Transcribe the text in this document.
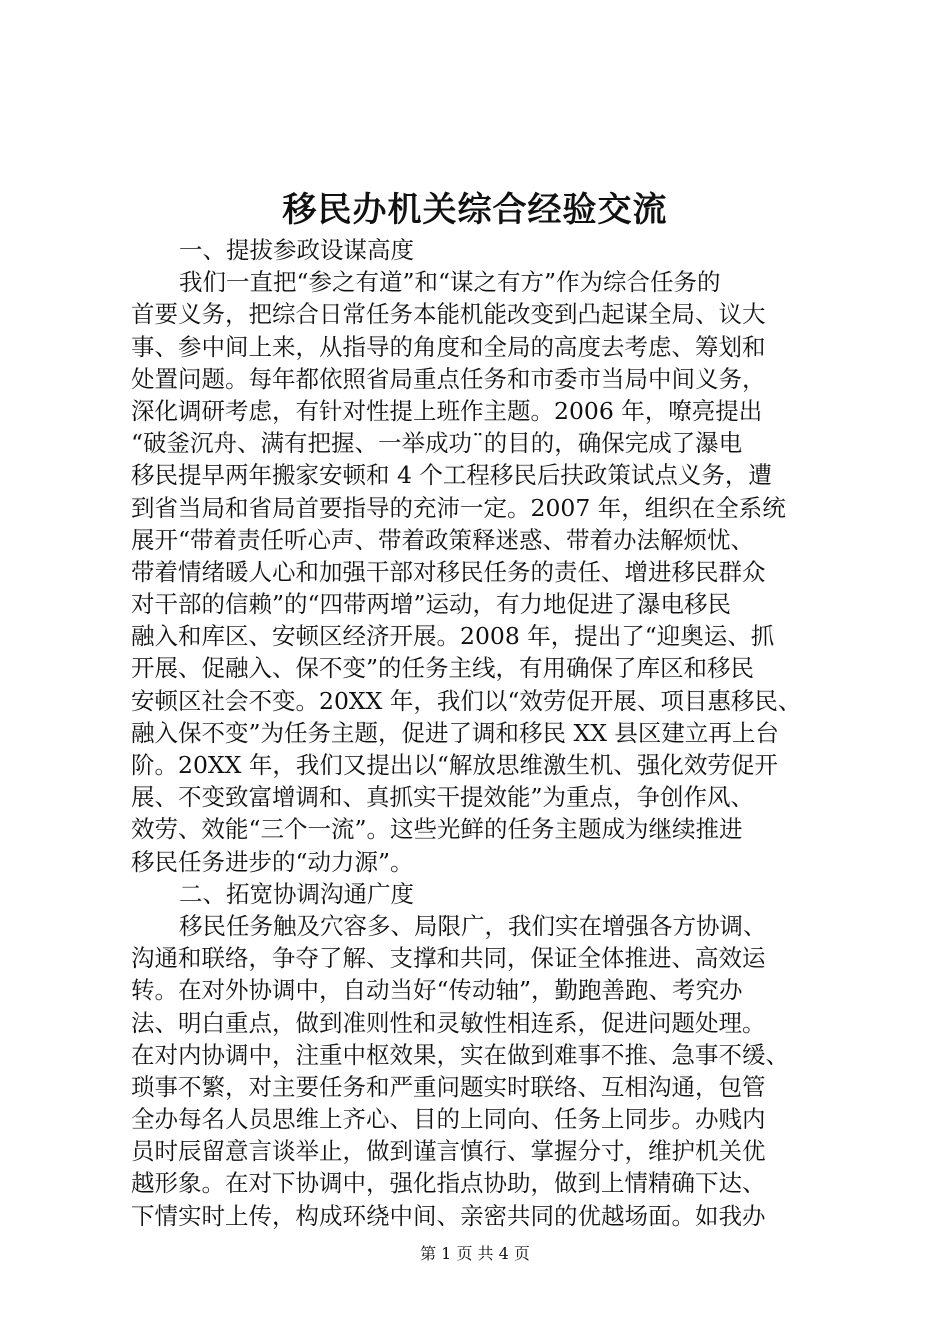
移民办机关综合经验交流
一、提拔参政设谋高度
我们一直把“参之有道”和“谋之有方”作为综合任务的
首要义务，把综合日常任务本能机能改变到凸起谋全局、议大
事、参中间上来，从指导的角度和全局的高度去考虑、筹划和
处置问题。每年都依照省局重点任务和市委市当局中间义务，
深化调研考虑，有针对性提上班作主题。2006 年，嘹亮提出
“破釜沉舟、满有把握、一举成功¨的目的，确保完成了瀑电
移民提早两年搬家安顿和 4 个工程移民后扶政策试点义务，遭
到省当局和省局首要指导的充沛一定。2007 年，组织在全系统
展开“带着责任听心声、带着政策释迷惑、带着办法解烦忧、
带着情绪暖人心和加强干部对移民任务的责任、增进移民群众
对干部的信赖”的“四带两增”运动，有力地促进了瀑电移民
融入和库区、安顿区经济开展。2008 年，提出了“迎奥运、抓
开展、促融入、保不变”的任务主线，有用确保了库区和移民
安顿区社会不变。20XX 年，我们以“效劳促开展、项目惠移民、
融入保不变”为任务主题，促进了调和移民 XX 县区建立再上台
阶。20XX 年，我们又提出以“解放思维激生机、强化效劳促开
展、不变致富增调和、真抓实干提效能”为重点，争创作风、
效劳、效能“三个一流”。这些光鲜的任务主题成为继续推进
移民任务进步的“动力源”。
二、拓宽协调沟通广度
移民任务触及穴容多、局限广，我们实在增强各方协调、
沟通和联络，争夺了解、支撑和共同，保证全体推进、高效运
转。在对外协调中，自动当好“传动轴”，勤跑善跑、考究办
法、明白重点，做到准则性和灵敏性相连系，促进问题处理。
在对内协调中，注重中枢效果，实在做到难事不推、急事不缓、
琐事不繁，对主要任务和严重问题实时联络、互相沟通，包管
全办每名人员思维上齐心、目的上同向、任务上同步。办贱内
员时辰留意言谈举止，做到谨言慎行、掌握分寸，维护机关优
越形象。在对下协调中，强化指点协助，做到上情精确下达、
下情实时上传，构成环绕中间、亲密共同的优越场面。如我办
第 1 页 共 4 页
